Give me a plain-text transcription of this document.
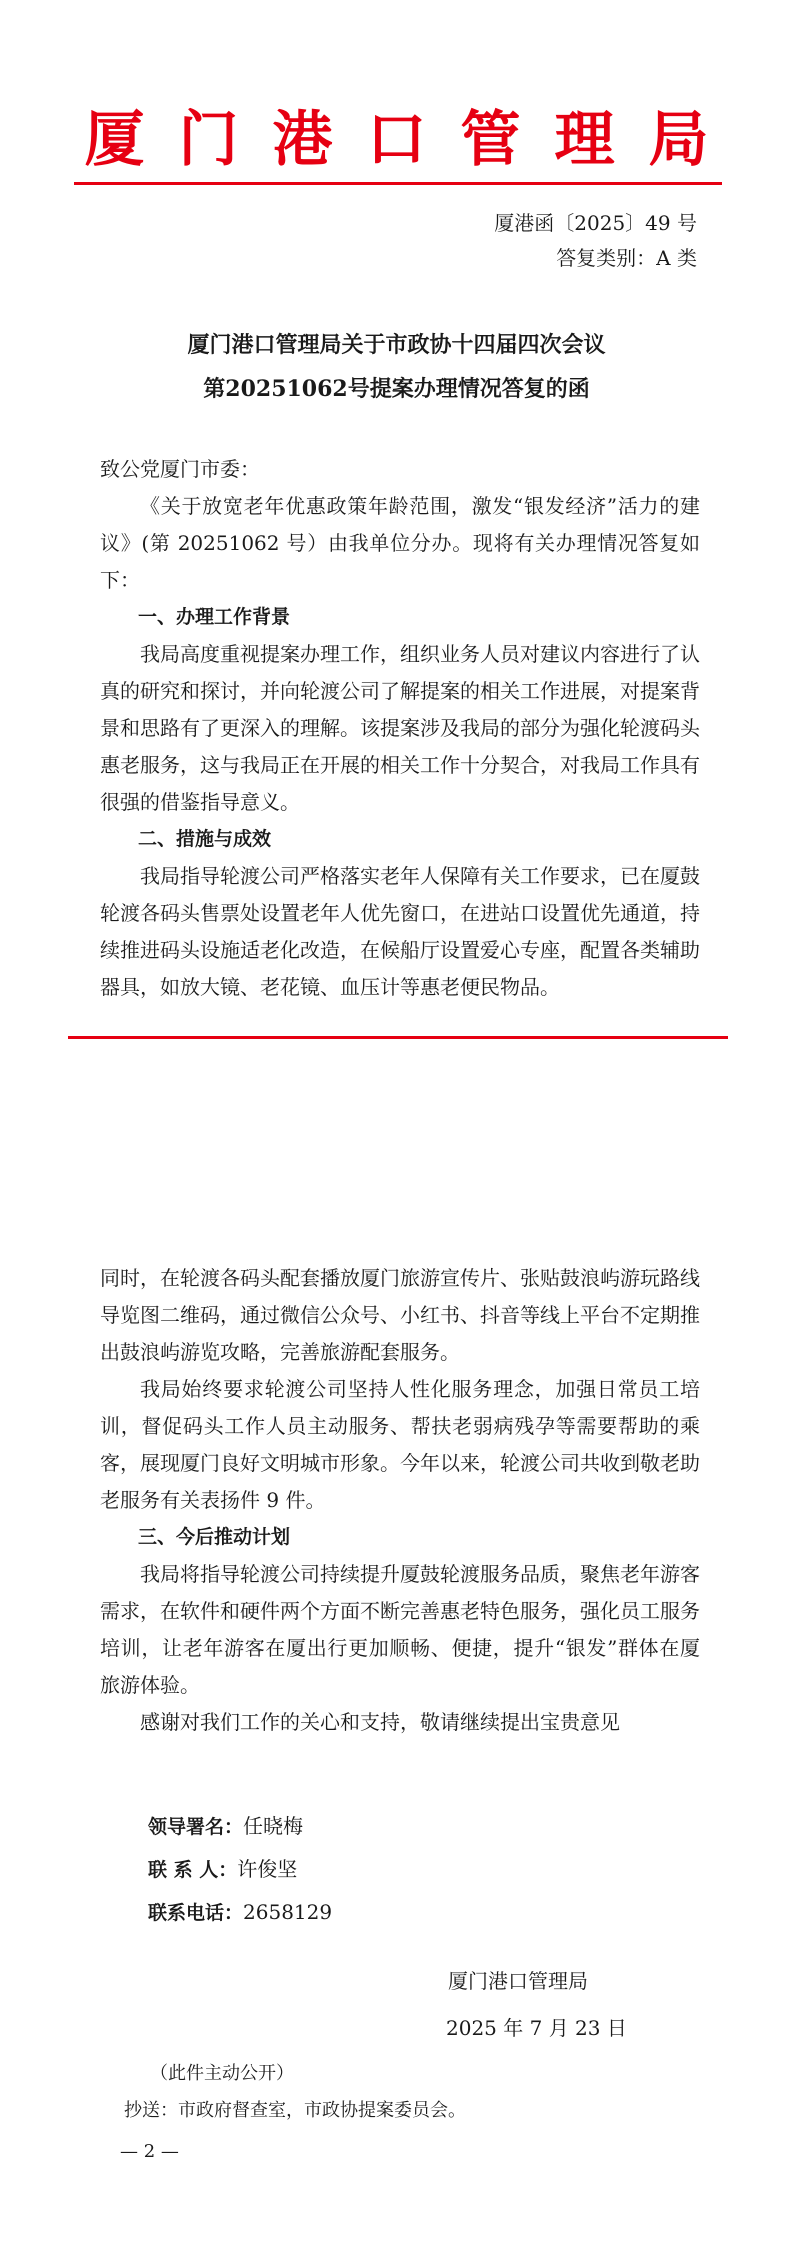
厦门港口管理局
厦港函〔2025〕49 号
答复类别：A 类
厦门港口管理局关于市政协十四届四次会议
第20251062号提案办理情况答复的函

致公党厦门市委：

《关于放宽老年优惠政策年龄范围，激发“银发经济”活力的建议》(第 20251062 号）由我单位分办。现将有关办理情况答复如下：

一、办理工作背景

我局高度重视提案办理工作，组织业务人员对建议内容进行了认真的研究和探讨，并向轮渡公司了解提案的相关工作进展，对提案背景和思路有了更深入的理解。该提案涉及我局的部分为强化轮渡码头惠老服务，这与我局正在开展的相关工作十分契合，对我局工作具有很强的借鉴指导意义。

二、措施与成效

我局指导轮渡公司严格落实老年人保障有关工作要求，已在厦鼓轮渡各码头售票处设置老年人优先窗口，在进站口设置优先通道，持续推进码头设施适老化改造，在候船厅设置爱心专座，配置各类辅助器具，如放大镜、老花镜、血压计等惠老便民物品。

同时，在轮渡各码头配套播放厦门旅游宣传片、张贴鼓浪屿游玩路线导览图二维码，通过微信公众号、小红书、抖音等线上平台不定期推出鼓浪屿游览攻略，完善旅游配套服务。

我局始终要求轮渡公司坚持人性化服务理念，加强日常员工培训，督促码头工作人员主动服务、帮扶老弱病残孕等需要帮助的乘客，展现厦门良好文明城市形象。今年以来，轮渡公司共收到敬老助老服务有关表扬件 9 件。

三、今后推动计划

我局将指导轮渡公司持续提升厦鼓轮渡服务品质，聚焦老年游客需求，在软件和硬件两个方面不断完善惠老特色服务，强化员工服务培训，让老年游客在厦出行更加顺畅、便捷，提升“银发”群体在厦旅游体验。

感谢对我们工作的关心和支持，敬请继续提出宝贵意见

领导署名：任晓梅
联 系 人：许俊坚
联系电话：2658129
厦门港口管理局
2025 年 7 月 23 日
（此件主动公开）
抄送：市政府督查室，市政协提案委员会。
— 2 —
